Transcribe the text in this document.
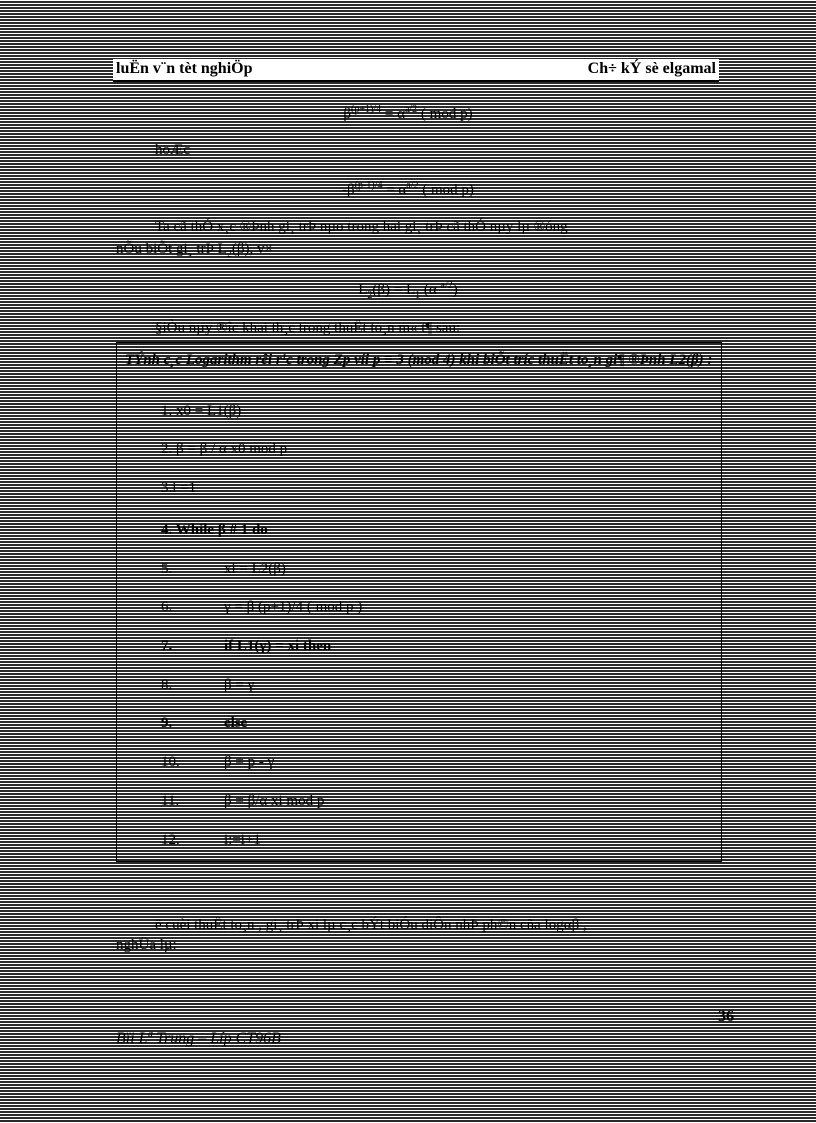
luËn v¨n tèt nghiÖp	Ch÷ kÝ sè elgamal
$\beta^{(p+1)/4} = \alpha^{a/2}$ ( mod p)
hoÆc
$-\beta^{(p-1)/4} = \alpha^{a/2}$ ( mod p)
Ta cã thÓ x¸c ®Þnh gi¸ trÞ nµo trong hai gi¸ trÞ cã thÓ nµy lµ ®óng
nÕu biÕt gi¸ trÞ $L_2(\beta)$, v×
$L_2(\beta) = L_1$ (α $^{a/2}$)
§iÒu nµy ®îc khai th¸c trong thuËt to¸n m« t¶ sau:
TÝnh c¸c Logarithm rêi r¹c trong Zp víi p ≡ 3 (mod 4) khi biÕt tríc thuËt to¸n gi¶ ®Þnh L2(β) :
1. x0 = L1(β)
2. β = β / α x0 mod p
3.i =1
4. While β # 1 do
5.	xi = L2(β)
6.	γ = β (p+1)/4 ( mod p )
7.	if L1(γ) = xi then
8.	β = γ
9.	else
10.	β = p - γ
11.	β = β/α xi mod p
12.	i:=i+1
ë cuèi thuËt to¸n , gi¸ trÞ xi lµ c¸c bÝt biÓu diÔn nhÞ ph©n cña logαβ ,
nghÜa lµ:
36
Bïi Lª Trung – Líp CT96B
